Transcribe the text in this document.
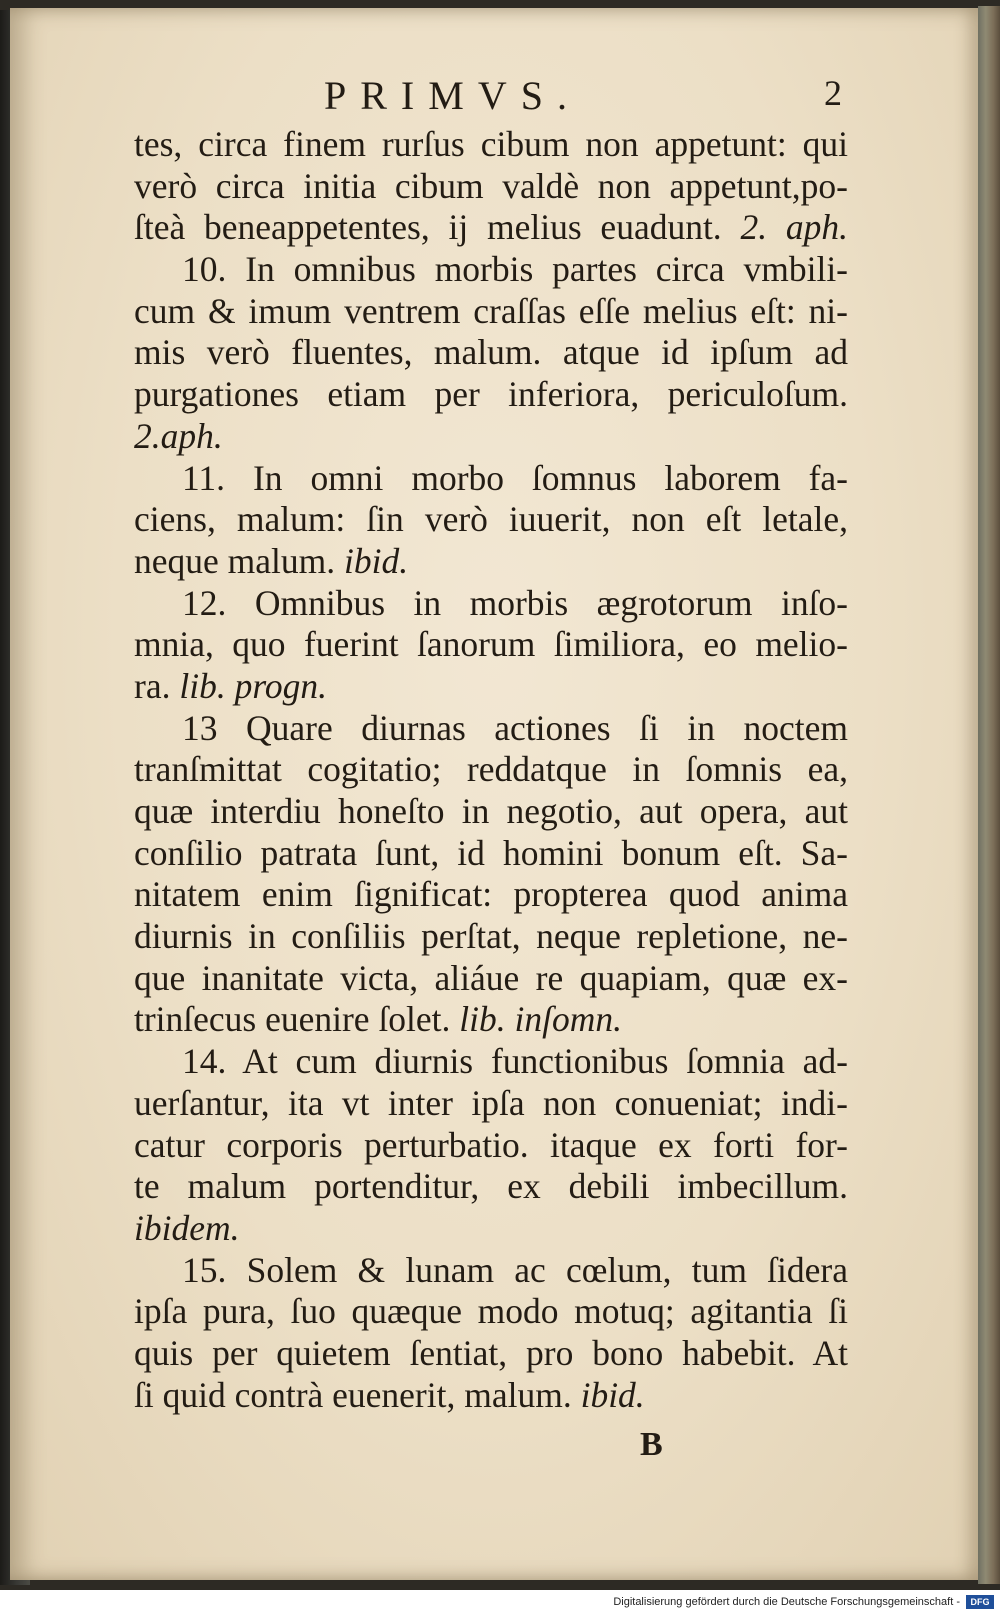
PRIMVS.	2
tes, circa finem rurſus cibum non appetunt: qui
verò circa initia cibum valdè non appetunt,po-
ſteà beneappetentes, ij melius euadunt. 2. aph.
10. In omnibus morbis partes circa vmbili-
cum & imum ventrem craſſas eſſe melius eſt: ni-
mis verò fluentes, malum. atque id ipſum ad
purgationes etiam per inferiora, periculoſum.
2.aph.
11. In omni morbo ſomnus laborem fa-
ciens, malum: ſin verò iuuerit, non eſt letale,
neque malum. ibid.
12. Omnibus in morbis ægrotorum inſo-
mnia, quo fuerint ſanorum ſimiliora, eo melio-
ra. lib. progn.
13 Quare diurnas actiones ſi in noctem
tranſmittat cogitatio; reddatque in ſomnis ea,
quæ interdiu honeſto in negotio, aut opera, aut
conſilio patrata ſunt, id homini bonum eſt. Sa-
nitatem enim ſignificat: propterea quod anima
diurnis in conſiliis perſtat, neque repletione, ne-
que inanitate victa, aliáue re quapiam, quæ ex-
trinſecus euenire ſolet. lib. inſomn.
14. At cum diurnis functionibus ſomnia ad-
uerſantur, ita vt inter ipſa non conueniat; indi-
catur corporis perturbatio. itaque ex forti for-
te malum portenditur, ex debili imbecillum.
ibidem.
15. Solem & lunam ac cœlum, tum ſidera
ipſa pura, ſuo quæque modo motuq; agitantia ſi
quis per quietem ſentiat, pro bono habebit. At
ſi quid contrà euenerit, malum. ibid.
B
Digitalisierung gefördert durch die Deutsche Forschungsgemeinschaft -	DFG
